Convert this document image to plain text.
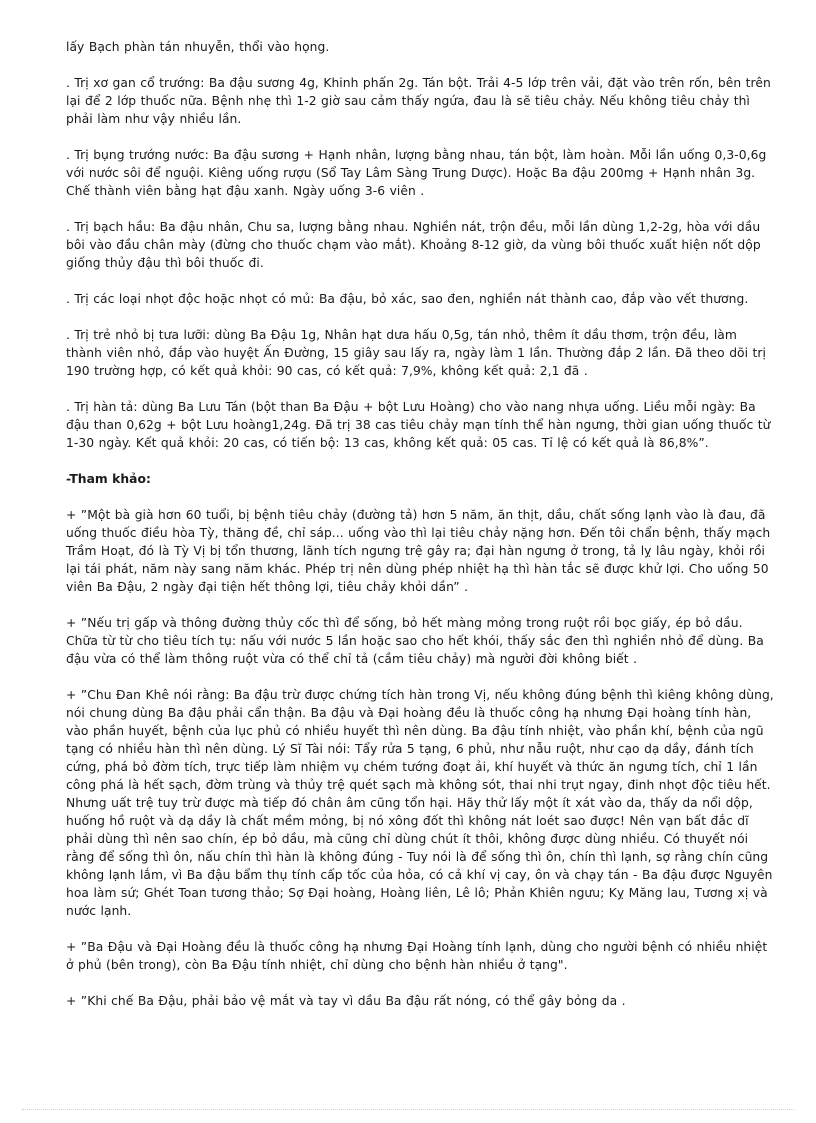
lấy Bạch phàn tán nhuyễn, thổi vào họng.

. Trị xơ gan cổ trướng: Ba đậu sương 4g, Khinh phấn 2g. Tán bột. Trải 4-5 lớp trên vải, đặt vào trên rốn, bên trên lại để 2 lớp thuốc nữa. Bệnh nhẹ thì 1-2 giờ sau cảm thấy ngứa, đau là sẽ tiêu chảy. Nếu không tiêu chảy thì phải làm như vậy nhiều lần.

. Trị bụng trướng nước: Ba đậu sương + Hạnh nhân, lượng bằng nhau, tán bột, làm hoàn. Mỗi lần uống 0,3-0,6g với nước sôi để nguội. Kiêng uống rượu (Sổ Tay Lâm Sàng Trung Dược). Hoặc Ba đậu 200mg + Hạnh nhân 3g. Chế thành viên bằng hạt đậu xanh. Ngày uống 3-6 viên .

. Trị bạch hầu: Ba đậu nhân, Chu sa, lượng bằng nhau. Nghiền nát, trộn đều, mỗi lần dùng 1,2-2g, hòa với dầu bôi vào đầu chân mày (đừng cho thuốc chạm vào mắt). Khoảng 8-12 giờ, da vùng bôi thuốc xuất hiện nốt dộp giống thủy đậu thì bôi thuốc đi.

. Trị các loại nhọt độc hoặc nhọt có mủ: Ba đậu, bỏ xác, sao đen, nghiền nát thành cao, đắp vào vết thương.

. Trị trẻ nhỏ bị tưa lưỡi: dùng Ba Đậu 1g, Nhân hạt dưa hấu 0,5g, tán nhỏ, thêm ít dầu thơm, trộn đều, làm thành viên nhỏ, đắp vào huyệt Ấn Đường, 15 giây sau lấy ra, ngày làm 1 lần. Thường đắp 2 lần. Đã theo dõi trị 190 trường hợp, có kết quả khỏi: 90 cas, có kết quả: 7,9%, không kết quả: 2,1 đã .

. Trị hàn tả: dùng Ba Lưu Tán (bột than Ba Đậu + bột Lưu Hoàng) cho vào nang nhựa uống. Liều mỗi ngày: Ba đậu than 0,62g + bột Lưu hoàng1,24g. Đã trị 38 cas tiêu chảy mạn tính thể hàn ngưng, thời gian uống thuốc từ 1-30 ngày. Kết quả khỏi: 20 cas, có tiến bộ: 13 cas, không kết quả: 05 cas. Tỉ lệ có kết quả là 86,8%”.

-Tham khảo:

+ ”Một bà già hơn 60 tuổi, bị bệnh tiêu chảy (đường tả) hơn 5 năm, ăn thịt, dầu, chất sống lạnh vào là đau, đã uống thuốc điều hòa Tỳ, thăng đề, chỉ sáp... uống vào thì lại tiêu chảy nặng hơn. Đến tôi chẩn bệnh, thấy mạch Trầm Hoạt, đó là Tỳ Vị bị tổn thương, lãnh tích ngưng trệ gây ra; đại hàn ngưng ở trong, tả lỵ lâu ngày, khỏi rồi lại tái phát, năm này sang năm khác. Phép trị nên dùng phép nhiệt hạ thì hàn tắc sẽ được khử lợi. Cho uống 50 viên Ba Đậu, 2 ngày đại tiện hết thông lợi, tiêu chảy khỏi dần” .

+ ”Nếu trị gấp và thông đường thủy cốc thì để sống, bỏ hết màng mỏng trong ruột rồi bọc giấy, ép bỏ dầu. Chữa từ từ cho tiêu tích tụ: nấu với nước 5 lần hoặc sao cho hết khói, thấy sắc đen thì nghiền nhỏ để dùng. Ba đậu vừa có thể làm thông ruột vừa có thể chỉ tả (cầm tiêu chảy) mà người đời không biết .

+ ”Chu Đan Khê nói rằng: Ba đậu trừ được chứng tích hàn trong Vị, nếu không đúng bệnh thì kiêng không dùng, nói chung dùng Ba đậu phải cẩn thận. Ba đậu và Đại hoàng đều là thuốc công hạ nhưng Đại hoàng tính hàn, vào phần huyết, bệnh của lục phủ có nhiều huyết thì nên dùng. Ba đậu tính nhiệt, vào phần khí, bệnh của ngũ tạng có nhiều hàn thì nên dùng. Lý Sĩ Tài nói: Tẩy rửa 5 tạng, 6 phủ, như nẫu ruột, như cạo dạ dầy, đánh tích cứng, phá bỏ đờm tích, trực tiếp làm nhiệm vụ chém tướng đoạt ải, khí huyết và thức ăn ngưng tích, chỉ 1 lần công phá là hết sạch, đờm trùng và thủy trệ quét sạch mà không sót, thai nhi trụt ngay, đinh nhọt độc tiêu hết. Nhưng uất trệ tuy trừ được mà tiếp đó chân âm cũng tổn hại. Hãy thử lấy một ít xát vào da, thấy da nổi dộp, huống hồ ruột và dạ dầy là chất mềm mỏng, bị nó xông đốt thì không nát loét sao được! Nên vạn bất đắc dĩ phải dùng thì nên sao chín, ép bỏ dầu, mà cũng chỉ dùng chút ít thôi, không được dùng nhiều. Có thuyết nói rằng để sống thì ôn, nấu chín thì hàn là không đúng - Tuy nói là để sống thì ôn, chín thì lạnh, sợ rằng chín cũng không lạnh lắm, vì Ba đậu bẩm thụ tính cấp tốc của hỏa, có cả khí vị cay, ôn và chạy tán - Ba đậu được Nguyên hoa làm sứ; Ghét Toan tương thảo; Sợ Đại hoàng, Hoàng liên, Lê lô; Phản Khiên ngưu; Kỵ Măng lau, Tương xị và nước lạnh.

+ ”Ba Đậu và Đại Hoàng đều là thuốc công hạ nhưng Đại Hoàng tính lạnh, dùng cho người bệnh có nhiều nhiệt ở phủ (bên trong), còn Ba Đậu tính nhiệt, chỉ dùng cho bệnh hàn nhiều ở tạng".

+ ”Khi chế Ba Đậu, phải bảo vệ mắt và tay vì dầu Ba đậu rất nóng, có thể gây bỏng da .
